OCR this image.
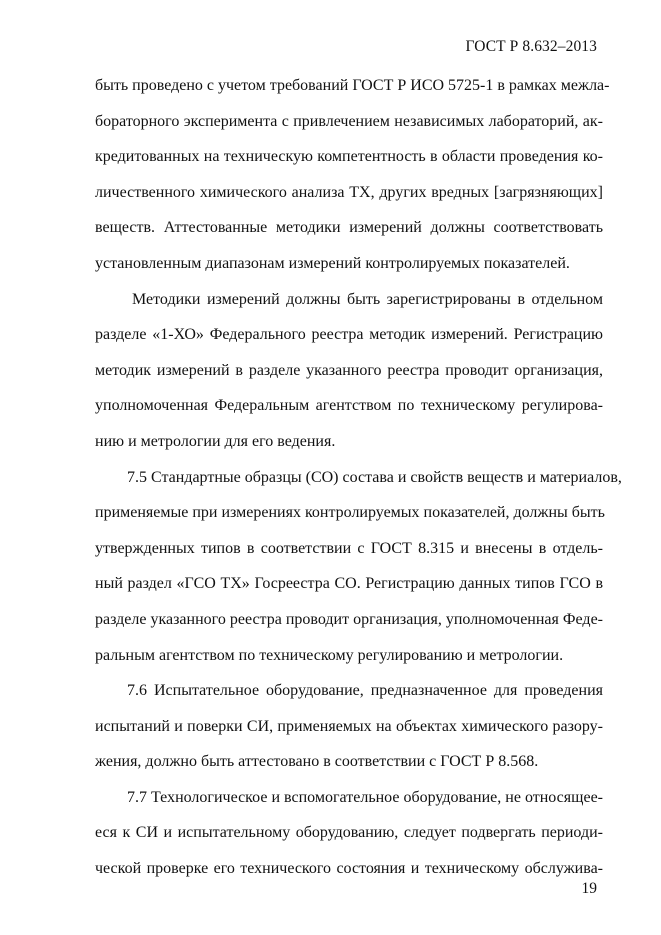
ГОСТ Р 8.632–2013

быть проведено с учетом требований ГОСТ Р ИСО 5725-1 в рамках межла-
бораторного эксперимента с привлечением независимых лабораторий, ак-
кредитованных на техническую компетентность в области проведения ко-
личественного химического анализа ТХ, других вредных [загрязняющих]
веществ. Аттестованные методики измерений должны соответствовать
установленным диапазонам измерений контролируемых показателей.

Методики измерений должны быть зарегистрированы в отдельном
разделе «1-ХО» Федерального реестра методик измерений. Регистрацию
методик измерений в разделе указанного реестра проводит организация,
уполномоченная Федеральным агентством по техническому регулирова-
нию и метрологии для его ведения.

7.5 Стандартные образцы (СО) состава и свойств веществ и материалов,
применяемые при измерениях контролируемых показателей, должны быть
утвержденных типов в соответствии с ГОСТ 8.315 и внесены в отдель-
ный раздел «ГСО ТХ» Госреестра СО. Регистрацию данных типов ГСО в
разделе указанного реестра проводит организация, уполномоченная Феде-
ральным агентством по техническому регулированию и метрологии.

7.6 Испытательное оборудование, предназначенное для проведения
испытаний и поверки СИ, применяемых на объектах химического разору-
жения, должно быть аттестовано в соответствии с ГОСТ Р 8.568.

7.7 Технологическое и вспомогательное оборудование, не относящее-
еся к СИ и испытательному оборудованию, следует подвергать периоди-
ческой проверке его технического состояния и техническому обслужива-

19
